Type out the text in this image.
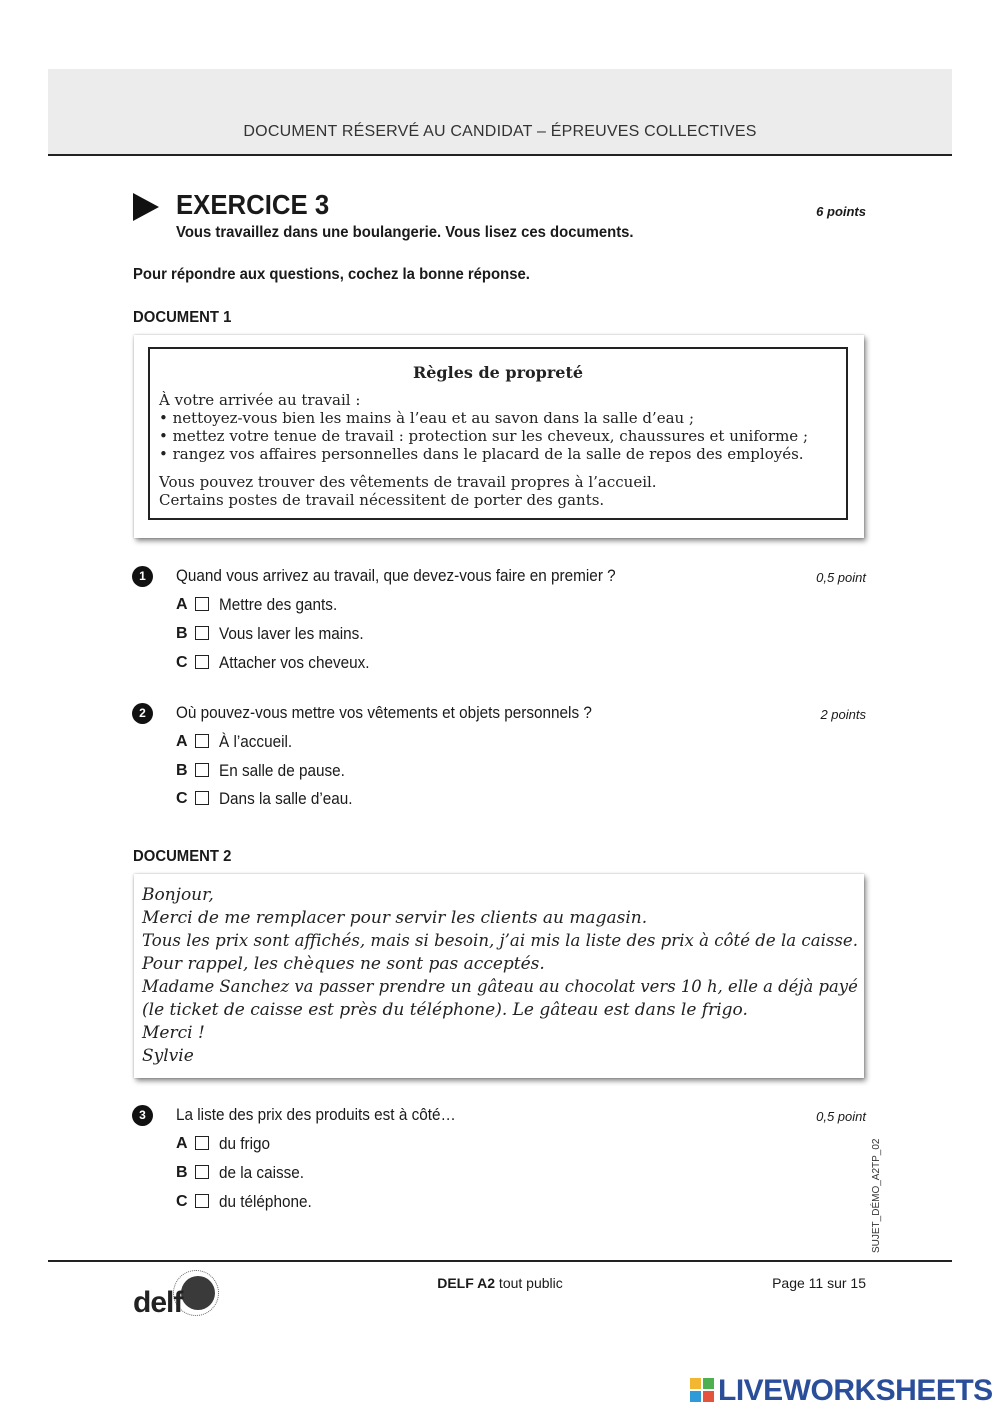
DOCUMENT RÉSERVÉ AU CANDIDAT – ÉPREUVES COLLECTIVES
EXERCICE 3	6 points
Vous travaillez dans une boulangerie. Vous lisez ces documents.
Pour répondre aux questions, cochez la bonne réponse.
DOCUMENT 1
Règles de propreté
À votre arrivée au travail :
• nettoyez-vous bien les mains à l’eau et au savon dans la salle d’eau ;
• mettez votre tenue de travail : protection sur les cheveux, chaussures et uniforme ;
• rangez vos affaires personnelles dans le placard de la salle de repos des employés.
Vous pouvez trouver des vêtements de travail propres à l’accueil.
Certains postes de travail nécessitent de porter des gants.
1	Quand vous arrivez au travail, que devez-vous faire en premier ?	0,5 point
A Mettre des gants.
B Vous laver les mains.
C Attacher vos cheveux.
2	Où pouvez-vous mettre vos vêtements et objets personnels ?	2 points
A À l’accueil.
B En salle de pause.
C Dans la salle d’eau.
DOCUMENT 2
Bonjour,
Merci de me remplacer pour servir les clients au magasin.
Tous les prix sont affichés, mais si besoin, j’ai mis la liste des prix à côté de la caisse.
Pour rappel, les chèques ne sont pas acceptés.
Madame Sanchez va passer prendre un gâteau au chocolat vers 10 h, elle a déjà payé
(le ticket de caisse est près du téléphone). Le gâteau est dans le frigo.
Merci !
Sylvie
3	La liste des prix des produits est à côté…	0,5 point
A du frigo
B de la caisse.
C du téléphone.	SUJET_DÉMO_A2TP_02
delf
DELF A2 tout public	Page 11 sur 15
LIVEWORKSHEETS
